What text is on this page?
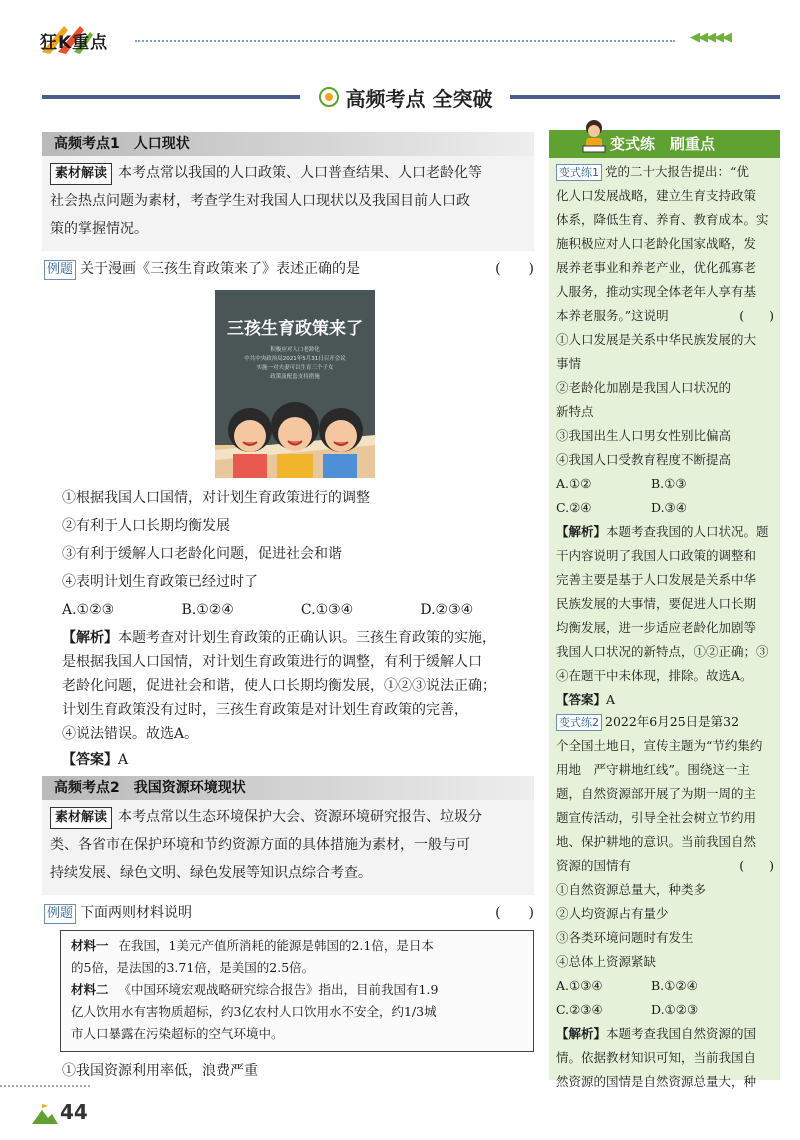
狂K重点	◀◀◀◀◀
高频考点 全突破
高频考点1　人口现状
素材解读 本考点常以我国的人口政策、人口普查结果、人口老龄化等
社会热点问题为素材，考查学生对我国人口现状以及我国目前人口政
策的掌握情况。
例题 关于漫画《三孩生育政策来了》表述正确的是	(　　)
三孩生育政策来了
积极应对人口老龄化
中共中央政治局2021年5月31日召开会议
实施一对夫妻可以生育三个子女
政策及配套支持措施
①根据我国人口国情，对计划生育政策进行的调整
②有利于人口长期均衡发展
③有利于缓解人口老龄化问题，促进社会和谐
④表明计划生育政策已经过时了
A.①②③	B.①②④	C.①③④	D.②③④
【解析】本题考查对计划生育政策的正确认识。三孩生育政策的实施，
是根据我国人口国情，对计划生育政策进行的调整，有利于缓解人口
老龄化问题，促进社会和谐，使人口长期均衡发展，①②③说法正确；
计划生育政策没有过时，三孩生育政策是对计划生育政策的完善，
④说法错误。故选A。
【答案】A
高频考点2　我国资源环境现状
素材解读 本考点常以生态环境保护大会、资源环境研究报告、垃圾分
类、各省市在保护环境和节约资源方面的具体措施为素材，一般与可
持续发展、绿色文明、绿色发展等知识点综合考查。
例题 下面两则材料说明	(　　)
材料一 在我国，1美元产值所消耗的能源是韩国的2.1倍，是日本
的5倍，是法国的3.71倍，是美国的2.5倍。
材料二 《中国环境宏观战略研究综合报告》指出，目前我国有1.9
亿人饮用水有害物质超标，约3亿农村人口饮用水不安全，约1/3城
市人口暴露在污染超标的空气环境中。
①我国资源利用率低，浪费严重
变式练　刷重点
变式练1 党的二十大报告提出：“优
化人口发展战略，建立生育支持政策
体系，降低生育、养育、教育成本。实
施积极应对人口老龄化国家战略，发
展养老事业和养老产业，优化孤寡老
人服务，推动实现全体老年人享有基
本养老服务。”这说明	(　　)
①人口发展是关系中华民族发展的大
事情
②老龄化加剧是我国人口状况的
新特点
③我国出生人口男女性别比偏高
④我国人口受教育程度不断提高
A.①②	B.①③
C.②④	D.③④
【解析】本题考查我国的人口状况。题
干内容说明了我国人口政策的调整和
完善主要是基于人口发展是关系中华
民族发展的大事情，要促进人口长期
均衡发展，进一步适应老龄化加剧等
我国人口状况的新特点，①②正确；③
④在题干中未体现，排除。故选A。
【答案】A
变式练2 2022年6月25日是第32
个全国土地日，宣传主题为“节约集约
用地　严守耕地红线”。围绕这一主
题，自然资源部开展了为期一周的主
题宣传活动，引导全社会树立节约用
地、保护耕地的意识。当前我国自然
资源的国情有	(　　)
①自然资源总量大，种类多
②人均资源占有量少
③各类环境问题时有发生
④总体上资源紧缺
A.①③④	B.①②④
C.②③④	D.①②③
【解析】本题考查我国自然资源的国
情。依据教材知识可知，当前我国自
然资源的国情是自然资源总量大，种
44
